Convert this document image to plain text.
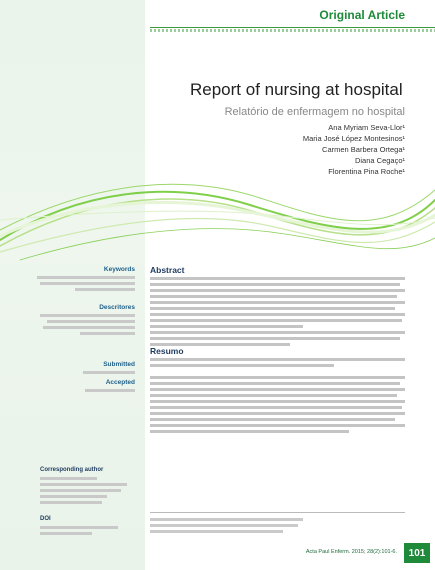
Original Article
Report of nursing at hospital
Relatório de enfermagem no hospital
Ana Myriam Seva-Llor¹
Maria José López Montesinos¹
Carmen Barbera Ortega¹
Diana Cegaço¹
Florentina Pina Roche¹
Keywords
Descritores
Submitted
Accepted
Abstract
Resumo
Corresponding author
DOI
Acta Paul Enferm. 2015; 28(2):101-6.	101
